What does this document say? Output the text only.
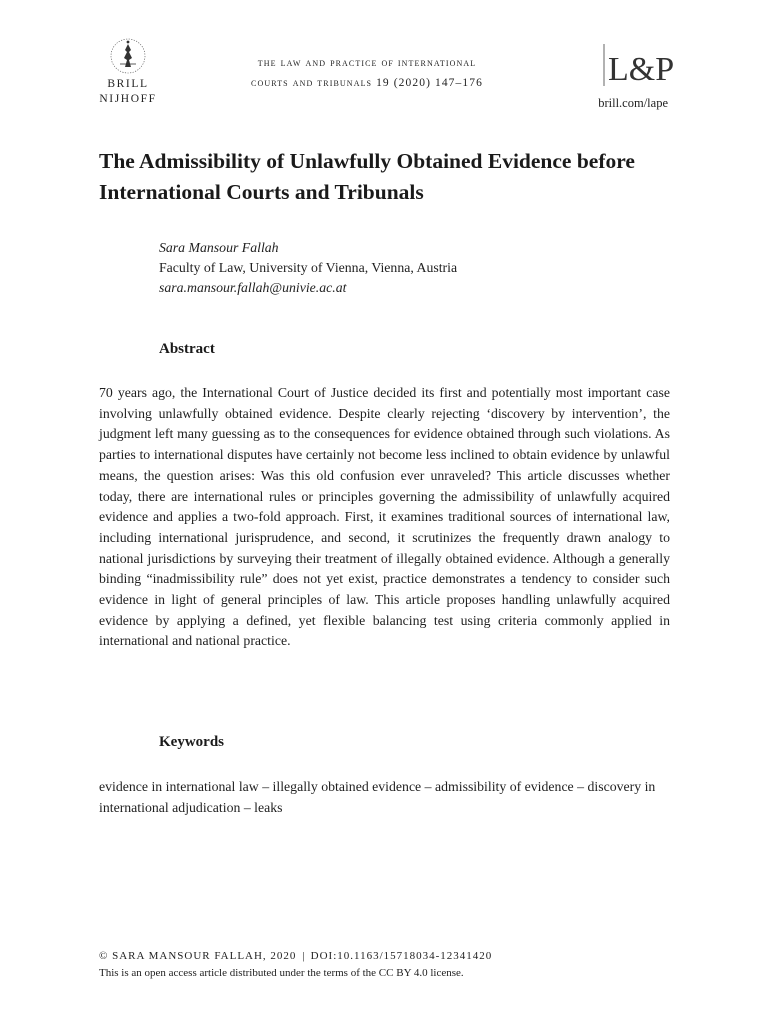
BRILL
NIJHOFF
the law and practice of international
courts and tribunals 19 (2020) 147–176	L&P
brill.com/lape
The Admissibility of Unlawfully Obtained Evidence before International Courts and Tribunals
Sara Mansour Fallah
Faculty of Law, University of Vienna, Vienna, Austria
sara.mansour.fallah@univie.ac.at
Abstract

70 years ago, the International Court of Justice decided its first and potentially most important case involving unlawfully obtained evidence. Despite clearly rejecting ‘discovery by intervention’, the judgment left many guessing as to the consequences for evidence obtained through such violations. As parties to international disputes have certainly not become less inclined to obtain evidence by unlawful means, the question arises: Was this old confusion ever unraveled? This article discusses whether today, there are international rules or principles governing the admissibility of unlawfully acquired evidence and applies a two-fold approach. First, it examines traditional sources of international law, including international jurisprudence, and second, it scrutinizes the frequently drawn analogy to national jurisdictions by surveying their treatment of illegally obtained evidence. Although a generally binding “inadmissibility rule” does not yet exist, practice demonstrates a tendency to consider such evidence in light of general principles of law. This article proposes handling unlawfully acquired evidence by applying a defined, yet flexible balancing test using criteria commonly applied in international and national practice.

Keywords

evidence in international law – illegally obtained evidence – admissibility of evidence – discovery in international adjudication – leaks

© SARA MANSOUR FALLAH, 2020 | DOI:10.1163/15718034-12341420
This is an open access article distributed under the terms of the CC BY 4.0 license.
